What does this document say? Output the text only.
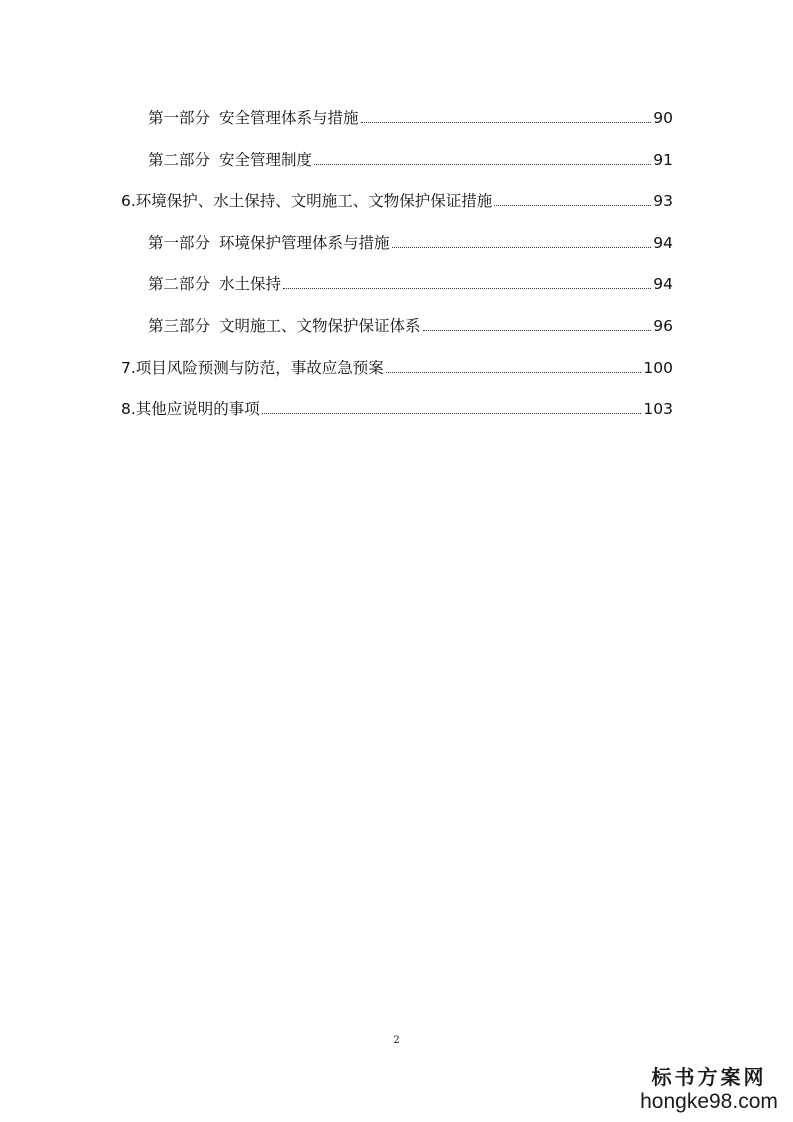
第一部分 安全管理体系与措施	90
第二部分 安全管理制度	91
6.环境保护、水土保持、文明施工、文物保护保证措施	93
第一部分 环境保护管理体系与措施	94
第二部分 水土保持	94
第三部分 文明施工、文物保护保证体系	96
7.项目风险预测与防范，事故应急预案	100
8.其他应说明的事项	103
2
标书方案网
hongke98.com
